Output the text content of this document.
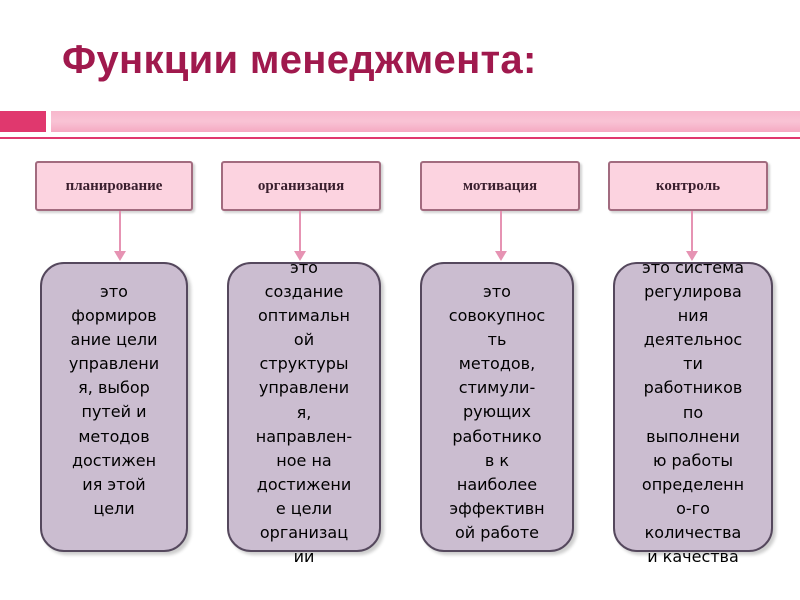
Функции менеджмента:
планирование
это
формиров
ание цели
управлени
я, выбор
путей и
методов
достижен
ия этой
цели
организация
это
создание
оптимальн
ой
структуры
управлени
я,
направлен-
ное на
достижени
е цели
организац
ии
мотивация
это
совокупнос
ть
методов,
стимули-
рующих
работнико
в к
наиболее
эффективн
ой работе
контроль
это система
регулирова
ния
деятельнос
ти
работников
по
выполнени
ю работы
определенн
о-го
количества
и качества
